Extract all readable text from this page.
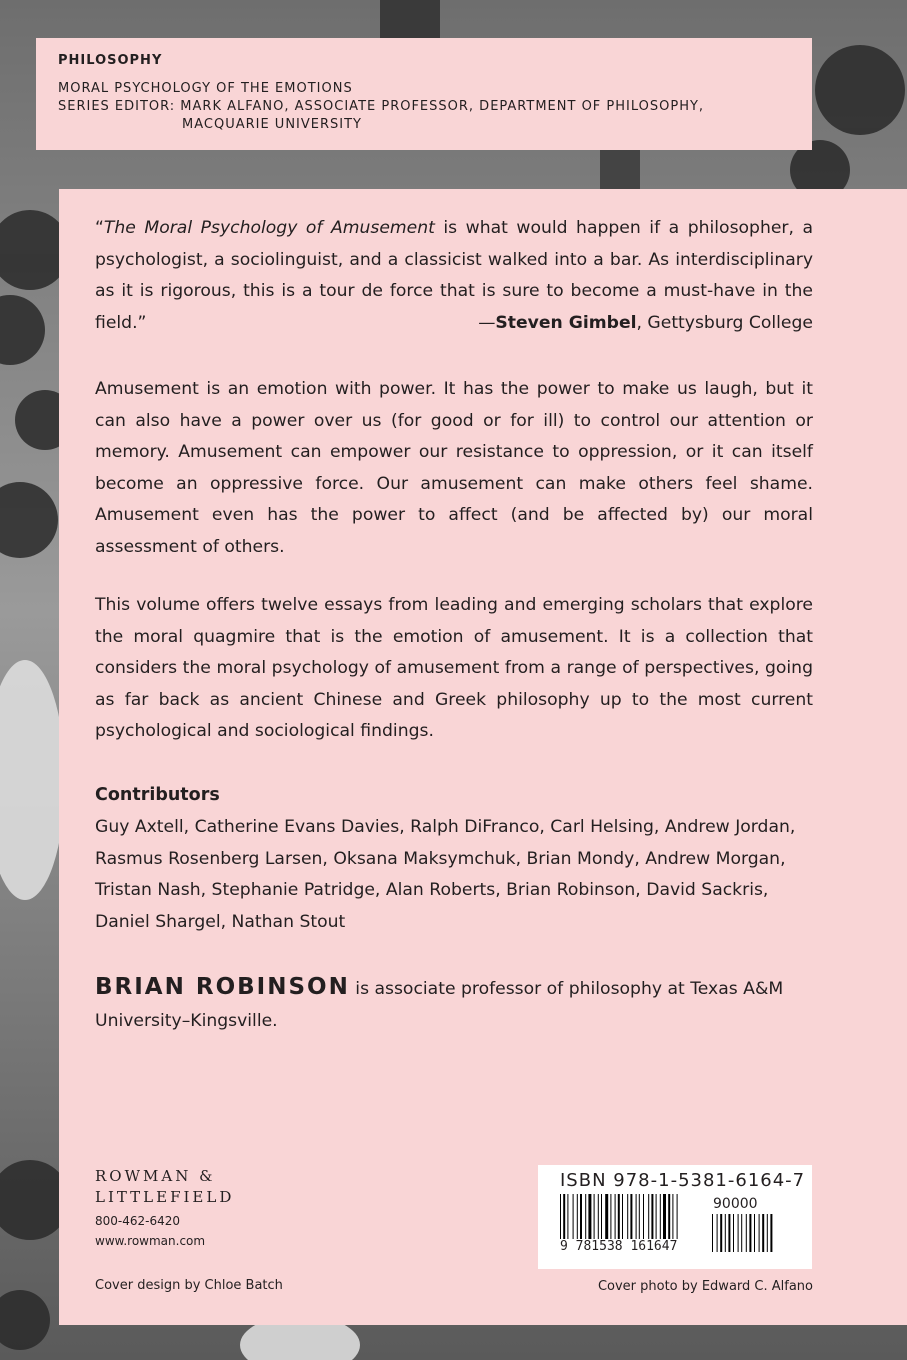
PHILOSOPHY
MORAL PSYCHOLOGY OF THE EMOTIONS
SERIES EDITOR: MARK ALFANO, ASSOCIATE PROFESSOR, DEPARTMENT OF PHILOSOPHY,
MACQUARIE UNIVERSITY
“The Moral Psychology of Amusement is what would happen if a philosopher, a psychologist, a sociolinguist, and a classicist walked into a bar. As interdisciplinary as it is rigorous, this is a tour de force that is sure to become a must-have in the field.”	—Steven Gimbel, Gettysburg College
Amusement is an emotion with power. It has the power to make us laugh, but it can also have a power over us (for good or for ill) to control our attention or memory. Amusement can empower our resistance to oppression, or it can itself become an oppressive force. Our amusement can make others feel shame. Amusement even has the power to affect (and be affected by) our moral assessment of others.
This volume offers twelve essays from leading and emerging scholars that explore the moral quagmire that is the emotion of amusement. It is a collection that considers the moral psychology of amusement from a range of perspectives, going as far back as ancient Chinese and Greek philosophy up to the most current psychological and sociological findings.
Contributors
Guy Axtell, Catherine Evans Davies, Ralph DiFranco, Carl Helsing, Andrew Jordan, Rasmus Rosenberg Larsen, Oksana Maksymchuk, Brian Mondy, Andrew Morgan, Tristan Nash, Stephanie Patridge, Alan Roberts, Brian Robinson, David Sackris, Daniel Shargel, Nathan Stout
BRIAN ROBINSON is associate professor of philosophy at Texas A&M University–Kingsville.
ROWMAN &
LITTLEFIELD
800-462-6420
www.rowman.com
Cover design by Chloe Batch	Cover photo by Edward C. Alfano
ISBN 978-1-5381-6164-7
90000
9 781538 161647
